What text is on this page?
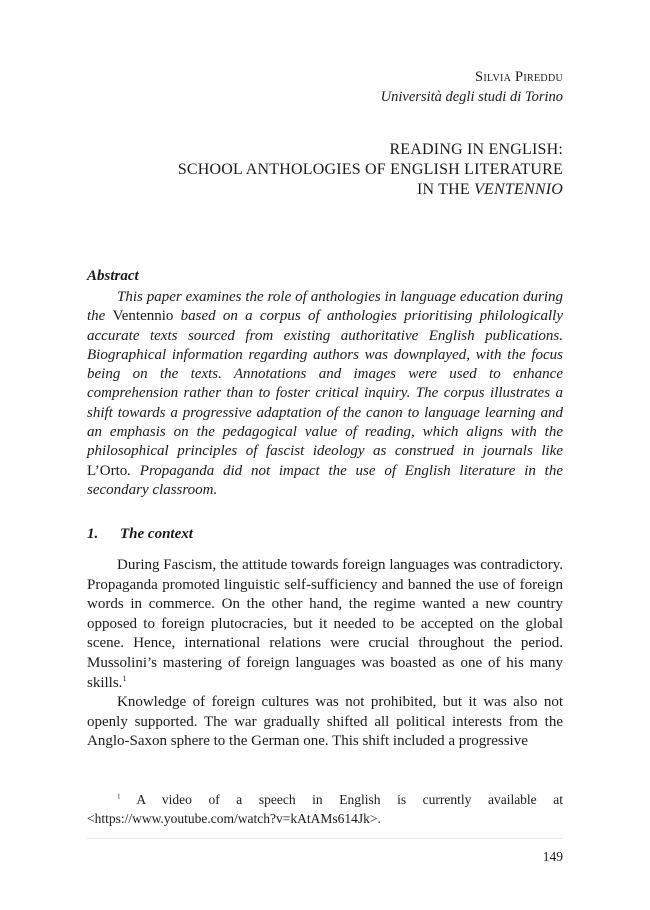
Silvia Pireddu
Università degli studi di Torino
READING IN ENGLISH:
SCHOOL ANTHOLOGIES OF ENGLISH LITERATURE
IN THE VENTENNIO
Abstract

This paper examines the role of anthologies in language education during the Ventennio based on a corpus of anthologies prioritising philologically accurate texts sourced from existing authoritative English publications. Biographical information regarding authors was downplayed, with the focus being on the texts. Annotations and images were used to enhance comprehension rather than to foster critical inquiry. The corpus illustrates a shift towards a progressive adaptation of the canon to language learning and an emphasis on the pedagogical value of reading, which aligns with the philosophical principles of fascist ideology as construed in journals like L’Orto. Propaganda did not impact the use of English literature in the secondary classroom.

1. The context

During Fascism, the attitude towards foreign languages was contradictory. Propaganda promoted linguistic self-sufficiency and banned the use of foreign words in commerce. On the other hand, the regime wanted a new country opposed to foreign plutocracies, but it needed to be accepted on the global scene. Hence, international relations were crucial throughout the period. Mussolini’s mastering of foreign languages was boasted as one of his many skills.$^1$

Knowledge of foreign cultures was not prohibited, but it was also not openly supported. The war gradually shifted all political interests from the Anglo-Saxon sphere to the German one. This shift included a progressive

$^1$ A video of a speech in English is currently available at <https://www.youtube.com/watch?v=kAtAMs614Jk>.

149
